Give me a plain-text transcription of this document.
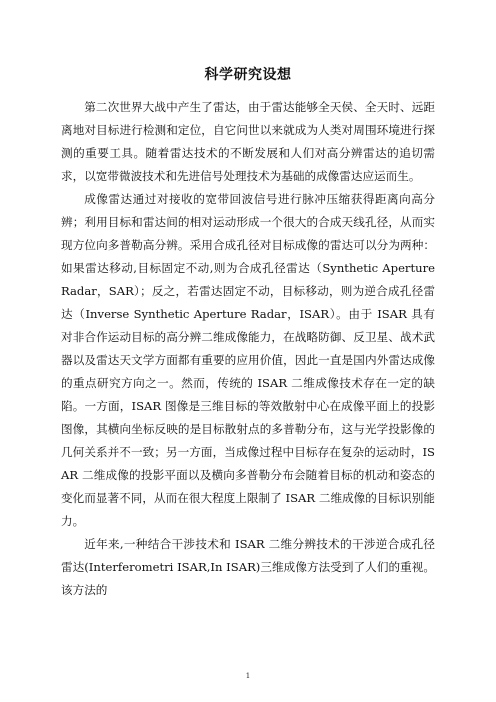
科学研究设想

第二次世界大战中产生了雷达，由于雷达能够全天侯、全天时、远距离地对目标进行检测和定位，自它问世以来就成为人类对周围环境进行探测的重要工具。随着雷达技术的不断发展和人们对高分辨雷达的追切需求，以宽带微波技术和先进信号处理技术为基础的成像雷达应运而生。

成像雷达通过对接收的宽带回波信号进行脉冲压缩获得距离向高分辨；利用目标和雷达间的相对运动形成一个很大的合成天线孔径，从而实现方位向多普勒高分辨。采用合成孔径对目标成像的雷达可以分为两种：如果雷达移动,目标固定不动,则为合成孔径雷达（Synthetic Aperture Radar，SAR）；反之，若雷达固定不动，目标移动，则为逆合成孔径雷达（Inverse Synthetic Aperture Radar，ISAR）。由于 ISAR 具有对非合作运动目标的高分辨二维成像能力，在战略防御、反卫星、战术武器以及雷达天文学方面都有重要的应用价值，因此一直是国内外雷达成像的重点研究方向之一。然而，传统的 ISAR 二维成像技术存在一定的缺陷。一方面，ISAR 图像是三维目标的等效散射中心在成像平面上的投影图像，其横向坐标反映的是目标散射点的多普勒分布，这与光学投影像的几何关系并不一致；另一方面，当成像过程中目标存在复杂的运动时，ISAR 二维成像的投影平面以及横向多普勒分布会随着目标的机动和姿态的变化而显著不同，从而在很大程度上限制了 ISAR 二维成像的目标识别能力。

近年来,一种结合干涉技术和 ISAR 二维分辨技术的干涉逆合成孔径雷达(Interferometri ISAR,In ISAR)三维成像方法受到了人们的重视。该方法的

1
